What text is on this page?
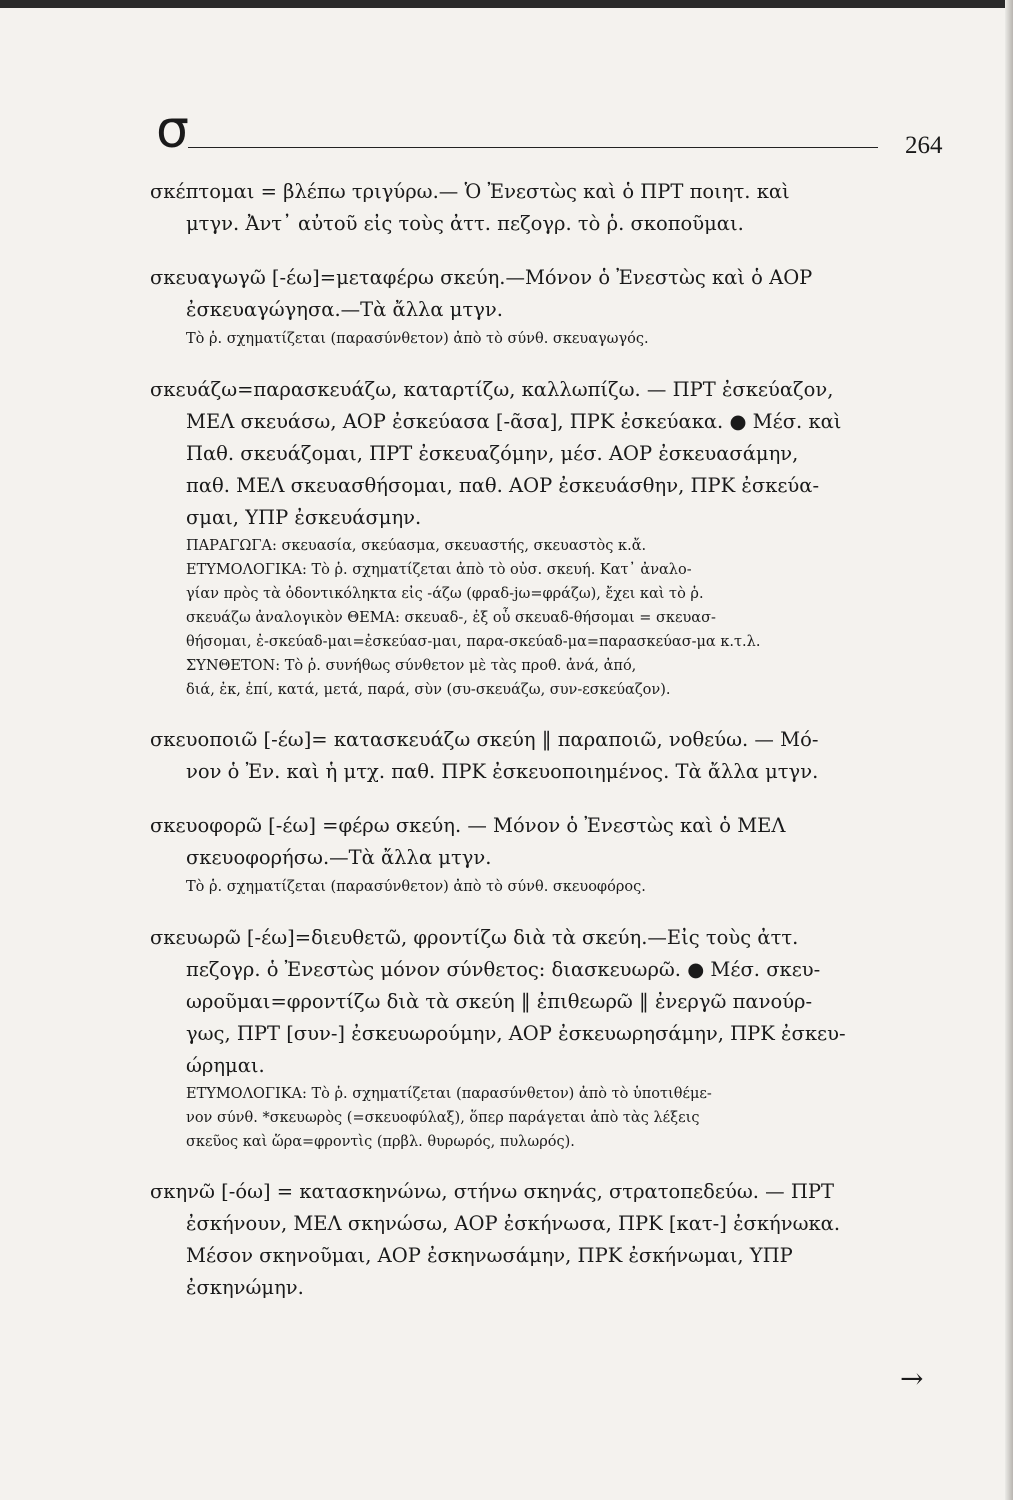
σ	264
σκέπτομαι = βλέπω τριγύρω.— Ὁ Ἐνεστὼς καὶ ὁ ΠΡΤ ποιητ. καὶ
μτγν. Ἀντ᾽ αὐτοῦ εἰς τοὺς ἀττ. πεζογρ. τὸ ῥ. σκοποῦμαι.
σκευαγωγῶ [-έω]=μεταφέρω σκεύη.—Μόνον ὁ Ἐνεστὼς καὶ ὁ ΑΟΡ
ἐσκευαγώγησα.—Τὰ ἄλλα μτγν.
Τὸ ῥ. σχηματίζεται (παρασύνθετον) ἀπὸ τὸ σύνθ. σκευαγωγός.
σκευάζω=παρασκευάζω, καταρτίζω, καλλωπίζω. — ΠΡΤ ἐσκεύαζον,
ΜΕΛ σκευάσω, ΑΟΡ ἐσκεύασα [-ᾶσα], ΠΡΚ ἐσκεύακα. ● Μέσ. καὶ
Παθ. σκευάζομαι, ΠΡΤ ἐσκευαζόμην, μέσ. ΑΟΡ ἐσκευασάμην,
παθ. ΜΕΛ σκευασθήσομαι, παθ. ΑΟΡ ἐσκευάσθην, ΠΡΚ ἐσκεύα-
σμαι, ΥΠΡ ἐσκευάσμην.
ΠΑΡΑΓΩΓΑ: σκευασία, σκεύασμα, σκευαστής, σκευαστὸς κ.ἄ.
ΕΤΥΜΟΛΟΓΙΚΑ: Τὸ ῥ. σχηματίζεται ἀπὸ τὸ οὐσ. σκευή. Κατ᾽ ἀναλο-
γίαν πρὸς τὰ ὀδοντικόληκτα εἰς -άζω (φραδ-jω=φράζω), ἔχει καὶ τὸ ῥ.
σκευάζω ἀναλογικὸν ΘΕΜΑ: σκευαδ-, ἐξ οὗ σκευαδ-θήσομαι = σκευασ-
θήσομαι, ἐ-σκεύαδ-μαι=ἐσκεύασ-μαι, παρα-σκεύαδ-μα=παρασκεύασ-μα κ.τ.λ.
ΣΥΝΘΕΤΟΝ: Τὸ ῥ. συνήθως σύνθετον μὲ τὰς προθ. ἀνά, ἀπό,
διά, ἐκ, ἐπί, κατά, μετά, παρά, σὺν (συ-σκευάζω, συν-εσκεύαζον).
σκευοποιῶ [-έω]= κατασκευάζω σκεύη ‖ παραποιῶ, νοθεύω. — Μό-
νον ὁ Ἐν. καὶ ἡ μτχ. παθ. ΠΡΚ ἐσκευοποιημένος. Τὰ ἄλλα μτγν.
σκευοφορῶ [-έω] =φέρω σκεύη. — Μόνον ὁ Ἐνεστὼς καὶ ὁ ΜΕΛ
σκευοφορήσω.—Τὰ ἄλλα μτγν.
Τὸ ῥ. σχηματίζεται (παρασύνθετον) ἀπὸ τὸ σύνθ. σκευοφόρος.
σκευωρῶ [-έω]=διευθετῶ, φροντίζω διὰ τὰ σκεύη.—Εἰς τοὺς ἀττ.
πεζογρ. ὁ Ἐνεστὼς μόνον σύνθετος: διασκευωρῶ. ● Μέσ. σκευ-
ωροῦμαι=φροντίζω διὰ τὰ σκεύη ‖ ἐπιθεωρῶ ‖ ἐνεργῶ πανούρ-
γως, ΠΡΤ [συν-] ἐσκευωρούμην, ΑΟΡ ἐσκευωρησάμην, ΠΡΚ ἐσκευ-
ώρημαι.
ΕΤΥΜΟΛΟΓΙΚΑ: Τὸ ῥ. σχηματίζεται (παρασύνθετον) ἀπὸ τὸ ὑποτιθέμε-
νον σύνθ. *σκευωρὸς (=σκευοφύλαξ), ὅπερ παράγεται ἀπὸ τὰς λέξεις
σκεῦος καὶ ὥρα=φροντὶς (πρβλ. θυρωρός, πυλωρός).
σκηνῶ [-όω] = κατασκηνώνω, στήνω σκηνάς, στρατοπεδεύω. — ΠΡΤ
ἐσκήνουν, ΜΕΛ σκηνώσω, ΑΟΡ ἐσκήνωσα, ΠΡΚ [κατ-] ἐσκήνωκα.
Μέσον σκηνοῦμαι, ΑΟΡ ἐσκηνωσάμην, ΠΡΚ ἐσκήνωμαι, ΥΠΡ
ἐσκηνώμην.
→
